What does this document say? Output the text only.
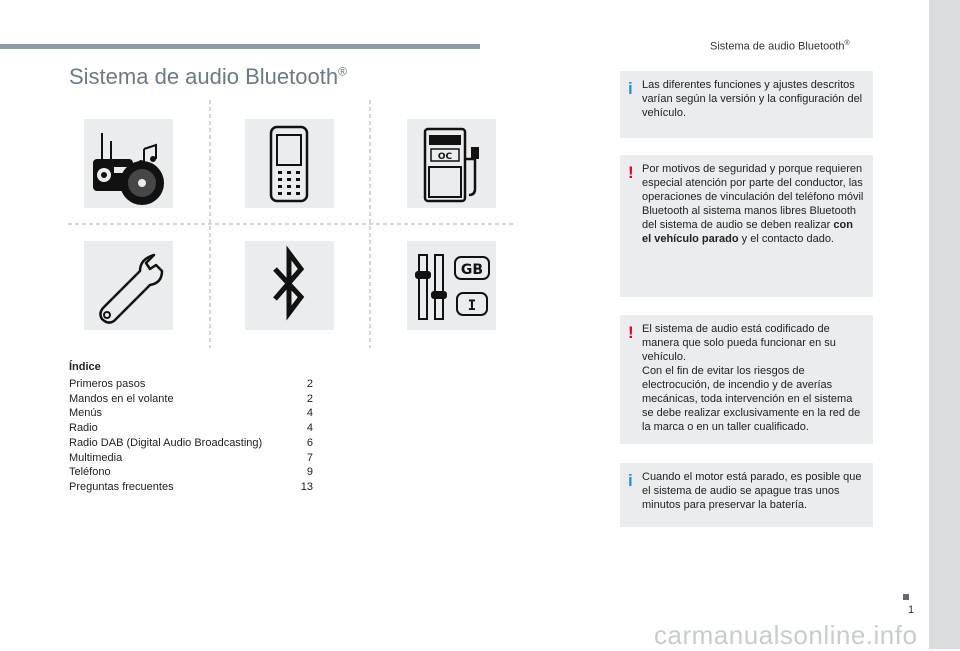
Sistema de audio Bluetooth®
1
carmanualsonline.info
Sistema de audio Bluetooth®
OC
GB
I
Índice
Primeros pasos	2
Mandos en el volante	2
Menús	4
Radio	4
Radio DAB (Digital Audio Broadcasting)	6
Multimedia	7
Teléfono	9
Preguntas frecuentes	13
i Las diferentes funciones y ajustes descritos varían según la versión y la configuración del vehículo.
! Por motivos de seguridad y porque requieren especial atención por parte del conductor, las operaciones de vinculación del teléfono móvil Bluetooth al sistema manos libres Bluetooth del sistema de audio se deben realizar con el vehículo parado y el contacto dado.
! El sistema de audio está codificado de manera que solo pueda funcionar en su vehículo.
Con el fin de evitar los riesgos de electrocución, de incendio y de averías mecánicas, toda intervención en el sistema se debe realizar exclusivamente en la red de la marca o en un taller cualificado.
i Cuando el motor está parado, es posible que el sistema de audio se apague tras unos minutos para preservar la batería.
